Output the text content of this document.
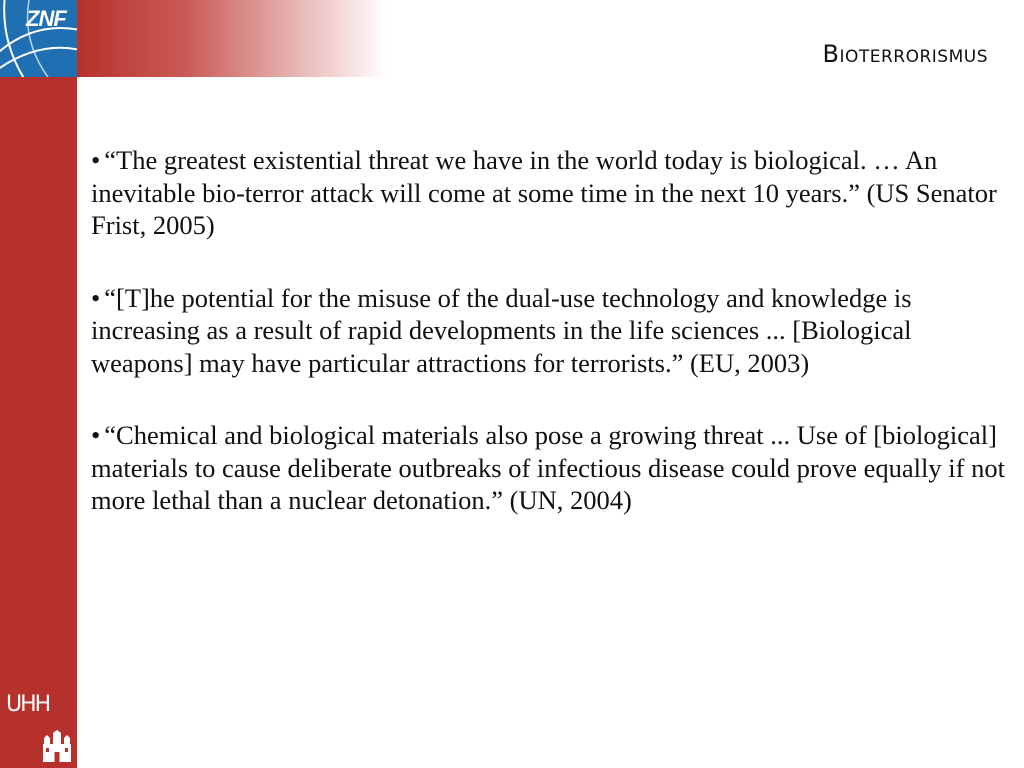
ZNF
Bioterrorismus

• “The greatest existential threat we have in the world today is biological. … An inevitable bio-terror attack will come at some time in the next 10 years.” (US Senator Frist, 2005)

• “[T]he potential for the misuse of the dual-use technology and knowledge is increasing as a result of rapid developments in the life sciences ... [Biological weapons] may have particular attractions for terrorists.” (EU, 2003)

• “Chemical and biological materials also pose a growing threat ... Use of [biological] materials to cause deliberate outbreaks of infectious disease could prove equally if not more lethal than a nuclear detonation.” (UN, 2004)

UHH
